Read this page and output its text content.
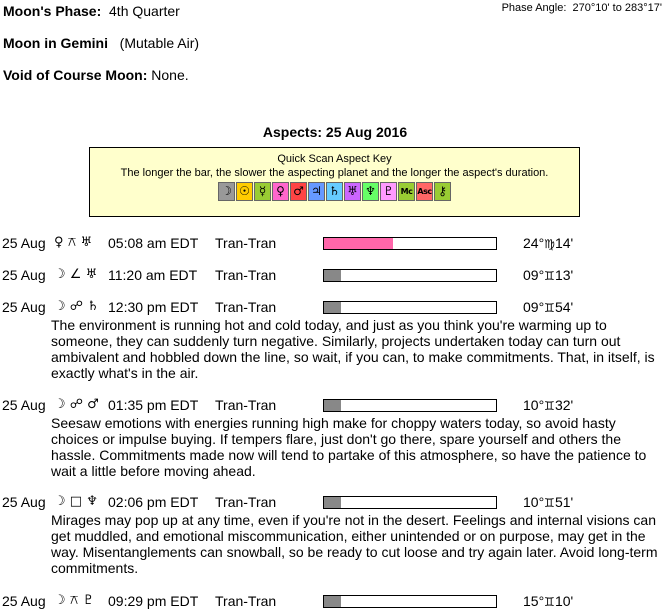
Moon's Phase: 4th Quarter	Phase Angle: 270°10' to 283°17'
Moon in Gemini (Mutable Air)
Void of Course Moon: None.
Aspects: 25 Aug 2016
Quick Scan Aspect Key
The longer the bar, the slower the aspecting planet and the longer the aspect's duration.
☽ ☉ ☿ ♀ ♂ ♃ ♄ ♅ ♆ ♇ Mc Asc ⚷
25 Aug ♀ ⚻ ♅ 05:08 am EDT Tran-Tran	24°♍14'
25 Aug ☽ ∠ ♅ 11:20 am EDT Tran-Tran	09°♊13'
25 Aug ☽ ☍ ♄ 12:30 pm EDT Tran-Tran	09°♊54'
The environment is running hot and cold today, and just as you think you're warming up to someone, they can suddenly turn negative. Similarly, projects undertaken today can turn out ambivalent and hobbled down the line, so wait, if you can, to make commitments. That, in itself, is exactly what's in the air.
25 Aug ☽ ☍ ♂ 01:35 pm EDT Tran-Tran	10°♊32'
Seesaw emotions with energies running high make for choppy waters today, so avoid hasty choices or impulse buying. If tempers flare, just don't go there, spare yourself and others the hassle. Commitments made now will tend to partake of this atmosphere, so have the patience to wait a little before moving ahead.
25 Aug ☽ □ ♆ 02:06 pm EDT Tran-Tran	10°♊51'
Mirages may pop up at any time, even if you're not in the desert. Feelings and internal visions can get muddled, and emotional miscommunication, either unintended or on purpose, may get in the way. Misentanglements can snowball, so be ready to cut loose and try again later. Avoid long-term commitments.
25 Aug ☽ ⚻ ♇ 09:29 pm EDT Tran-Tran	15°♊10'
